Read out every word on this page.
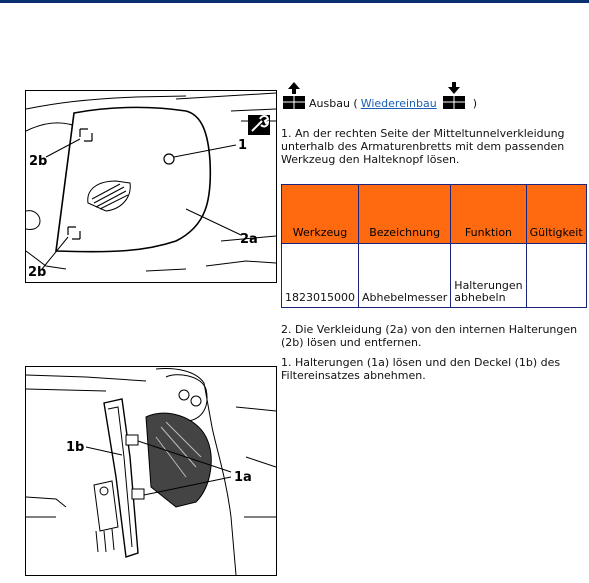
1
2a
2b
2b
1b
1a
Ausbau ( Wiedereinbau	)
1. An der rechten Seite der Mitteltunnelverkleidung unterhalb des Armaturenbretts mit dem passenden Werkzeug den Halteknopf lösen.
Werkzeug	Bezeichnung	Funktion	Gültigkeit
1823015000	Abhebelmesser	Halterungen abhebeln	
2. Die Verkleidung (2a) von den internen Halterungen (2b) lösen und entfernen.
1. Halterungen (1a) lösen und den Deckel (1b) des Filtereinsatzes abnehmen.
